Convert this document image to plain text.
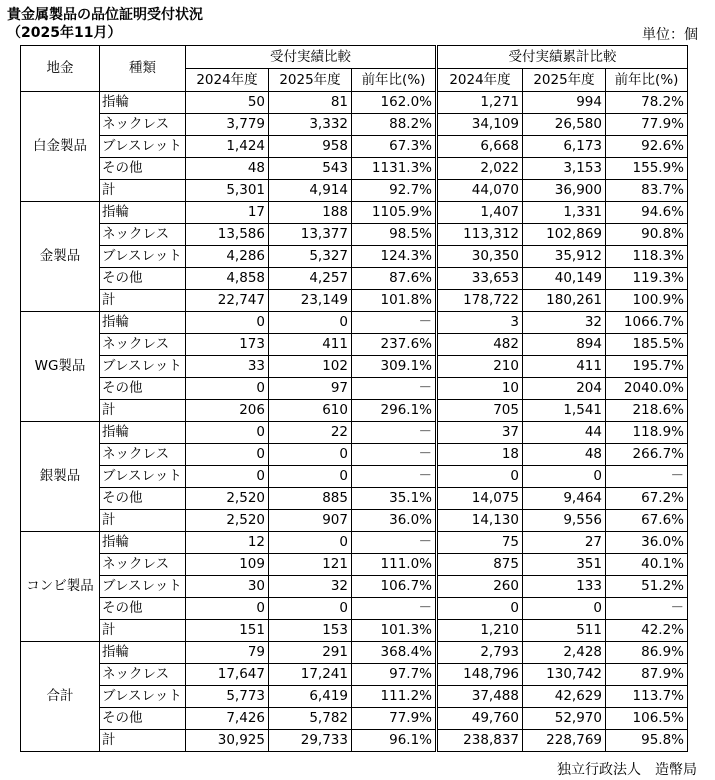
貴金属製品の品位証明受付状況
（2025年11月）	単位：個
地金	種類	受付実績比較			受付実績累計比較		
		2024年度	2025年度	前年比(%)	2024年度	2025年度	前年比(%)
白金製品	指輪	50	81	162.0%	1,271	994	78.2%
	ネックレス	3,779	3,332	88.2%	34,109	26,580	77.9%
	ブレスレット	1,424	958	67.3%	6,668	6,173	92.6%
	その他	48	543	1131.3%	2,022	3,153	155.9%
	計	5,301	4,914	92.7%	44,070	36,900	83.7%
金製品	指輪	17	188	1105.9%	1,407	1,331	94.6%
	ネックレス	13,586	13,377	98.5%	113,312	102,869	90.8%
	ブレスレット	4,286	5,327	124.3%	30,350	35,912	118.3%
	その他	4,858	4,257	87.6%	33,653	40,149	119.3%
	計	22,747	23,149	101.8%	178,722	180,261	100.9%
WG製品	指輪	0	0	－	3	32	1066.7%
	ネックレス	173	411	237.6%	482	894	185.5%
	ブレスレット	33	102	309.1%	210	411	195.7%
	その他	0	97	－	10	204	2040.0%
	計	206	610	296.1%	705	1,541	218.6%
銀製品	指輪	0	22	－	37	44	118.9%
	ネックレス	0	0	－	18	48	266.7%
	ブレスレット	0	0	－	0	0	－
	その他	2,520	885	35.1%	14,075	9,464	67.2%
	計	2,520	907	36.0%	14,130	9,556	67.6%
コンビ製品	指輪	12	0	－	75	27	36.0%
	ネックレス	109	121	111.0%	875	351	40.1%
	ブレスレット	30	32	106.7%	260	133	51.2%
	その他	0	0	－	0	0	－
	計	151	153	101.3%	1,210	511	42.2%
合計	指輪	79	291	368.4%	2,793	2,428	86.9%
	ネックレス	17,647	17,241	97.7%	148,796	130,742	87.9%
	ブレスレット	5,773	6,419	111.2%	37,488	42,629	113.7%
	その他	7,426	5,782	77.9%	49,760	52,970	106.5%
	計	30,925	29,733	96.1%	238,837	228,769	95.8%
独立行政法人　造幣局
